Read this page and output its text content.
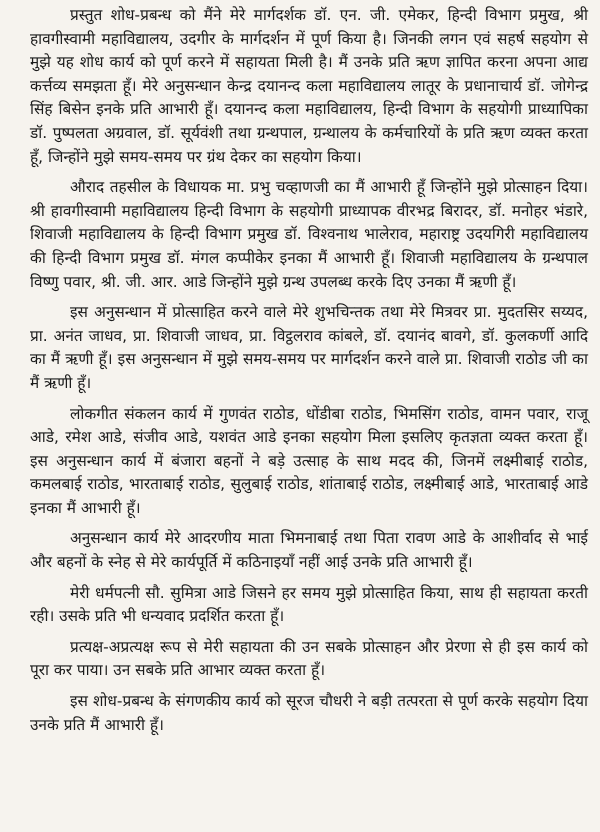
प्रस्तुत शोध-प्रबन्ध को मैंने मेरे मार्गदर्शक डॉ. एन. जी. एमेकर, हिन्दी विभाग प्रमुख, श्री हावगीस्वामी महाविद्यालय, उदगीर के मार्गदर्शन में पूर्ण किया है। जिनकी लगन एवं सहर्ष सहयोग से मुझे यह शोध कार्य को पूर्ण करने में सहायता मिली है। मैं उनके प्रति ऋण ज्ञापित करना अपना आद्य कर्त्तव्य समझता हूँ। मेरे अनुसन्धान केन्द्र दयानन्द कला महाविद्यालय लातूर के प्रधानाचार्य डॉ. जोगेन्द्र सिंह बिसेन इनके प्रति आभारी हूँ। दयानन्द कला महाविद्यालय, हिन्दी विभाग के सहयोगी प्राध्यापिका डॉ. पुष्पलता अग्रवाल, डॉ. सूर्यवंशी तथा ग्रन्थपाल, ग्रन्थालय के कर्मचारियों के प्रति ऋण व्यक्त करता हूँ, जिन्होंने मुझे समय-समय पर ग्रंथ देकर का सहयोग किया।

औराद तहसील के विधायक मा. प्रभु चव्हाणजी का मैं आभारी हूँ जिन्होंने मुझे प्रोत्साहन दिया। श्री हावगीस्वामी महाविद्यालय हिन्दी विभाग के सहयोगी प्राध्यापक वीरभद्र बिरादर, डॉ. मनोहर भंडारे, शिवाजी महाविद्यालय के हिन्दी विभाग प्रमुख डॉ. विश्वनाथ भालेराव, महाराष्ट्र उदयगिरी महाविद्यालय की हिन्दी विभाग प्रमुख डॉ. मंगल कप्पीकेर इनका मैं आभारी हूँ। शिवाजी महाविद्यालय के ग्रन्थपाल विष्णु पवार, श्री. जी. आर. आडे जिन्होंने मुझे ग्रन्थ उपलब्ध करके दिए उनका मैं ऋणी हूँ।

इस अनुसन्धान में प्रोत्साहित करने वाले मेरे शुभचिन्तक तथा मेरे मित्रवर प्रा. मुदतसिर सय्यद, प्रा. अनंत जाधव, प्रा. शिवाजी जाधव, प्रा. विट्ठलराव कांबले, डॉ. दयानंद बावगे, डॉ. कुलकर्णी आदि का मैं ऋणी हूँ। इस अनुसन्धान में मुझे समय-समय पर मार्गदर्शन करने वाले प्रा. शिवाजी राठोड जी का मैं ऋणी हूँ।

लोकगीत संकलन कार्य में गुणवंत राठोड, धोंडीबा राठोड, भिमसिंग राठोड, वामन पवार, राजू आडे, रमेश आडे, संजीव आडे, यशवंत आडे इनका सहयोग मिला इसलिए कृतज्ञता व्यक्त करता हूँ। इस अनुसन्धान कार्य में बंजारा बहनों ने बड़े उत्साह के साथ मदद की, जिनमें लक्ष्मीबाई राठोड, कमलबाई राठोड, भारताबाई राठोड, सुलुबाई राठोड, शांताबाई राठोड, लक्ष्मीबाई आडे, भारताबाई आडे इनका मैं आभारी हूँ।

अनुसन्धान कार्य मेरे आदरणीय माता भिमनाबाई तथा पिता रावण आडे के आशीर्वाद से भाई और बहनों के स्नेह से मेरे कार्यपूर्ति में कठिनाइयाँ नहीं आई उनके प्रति आभारी हूँ।

मेरी धर्मपत्नी सौ. सुमित्रा आडे जिसने हर समय मुझे प्रोत्साहित किया, साथ ही सहायता करती रही। उसके प्रति भी धन्यवाद प्रदर्शित करता हूँ।

प्रत्यक्ष-अप्रत्यक्ष रूप से मेरी सहायता की उन सबके प्रोत्साहन और प्रेरणा से ही इस कार्य को पूरा कर पाया। उन सबके प्रति आभार व्यक्त करता हूँ।

इस शोध-प्रबन्ध के संगणकीय कार्य को सूरज चौधरी ने बड़ी तत्परता से पूर्ण करके सहयोग दिया उनके प्रति मैं आभारी हूँ।
